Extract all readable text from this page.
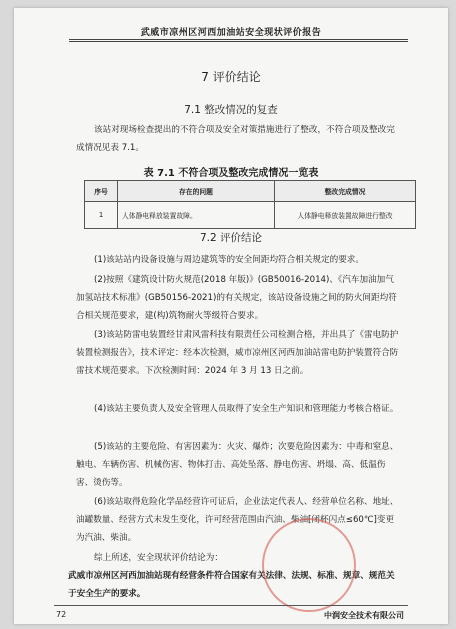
武威市凉州区河西加油站安全现状评价报告
7 评价结论
7.1 整改情况的复查

该站对现场检查提出的不符合项及安全对策措施进行了整改，不符合项及整改完成情况见表 7.1。

表 7.1 不符合项及整改完成情况一览表
序号	存在的问题	整改完成情况
1	人体静电释放装置故障。	人体静电释放装置故障进行整改
7.2 评价结论

(1)该站站内设备设施与周边建筑等的安全间距均符合相关规定的要求。

(2)按照《建筑设计防火规范(2018 年版)》(GB50016-2014)、《汽车加油加气加氢站技术标准》(GB50156-2021)的有关规定，该站设备设施之间的防火间距均符合相关规范要求，建(构)筑物耐火等级符合要求。

(3)该站防雷电装置经甘肃风雷科技有限责任公司检测合格，并出具了《雷电防护装置检测报告》，技术评定：经本次检测，威市凉州区河西加油站雷电防护装置符合防雷技术规范要求。下次检测时间：2024 年 3 月 13 日之前。

(4)该站主要负责人及安全管理人员取得了安全生产知识和管理能力考核合格证。

(5)该站的主要危险、有害因素为：火灾、爆炸；次要危险因素为：中毒和窒息、触电、车辆伤害、机械伤害、物体打击、高处坠落、静电伤害、坍塌、高、低温伤害、烫伤等。

(6)该站取得危险化学品经营许可证后，企业法定代表人、经营单位名称、地址、油罐数量、经营方式未发生变化，许可经营范围由汽油、柴油[闭杯闪点≤60℃]变更为汽油、柴油。

综上所述，安全现状评价结论为：

武威市凉州区河西加油站现有经营条件符合国家有关法律、法规、标准、规章、规范关于安全生产的要求。

72	中润安全技术有限公司
